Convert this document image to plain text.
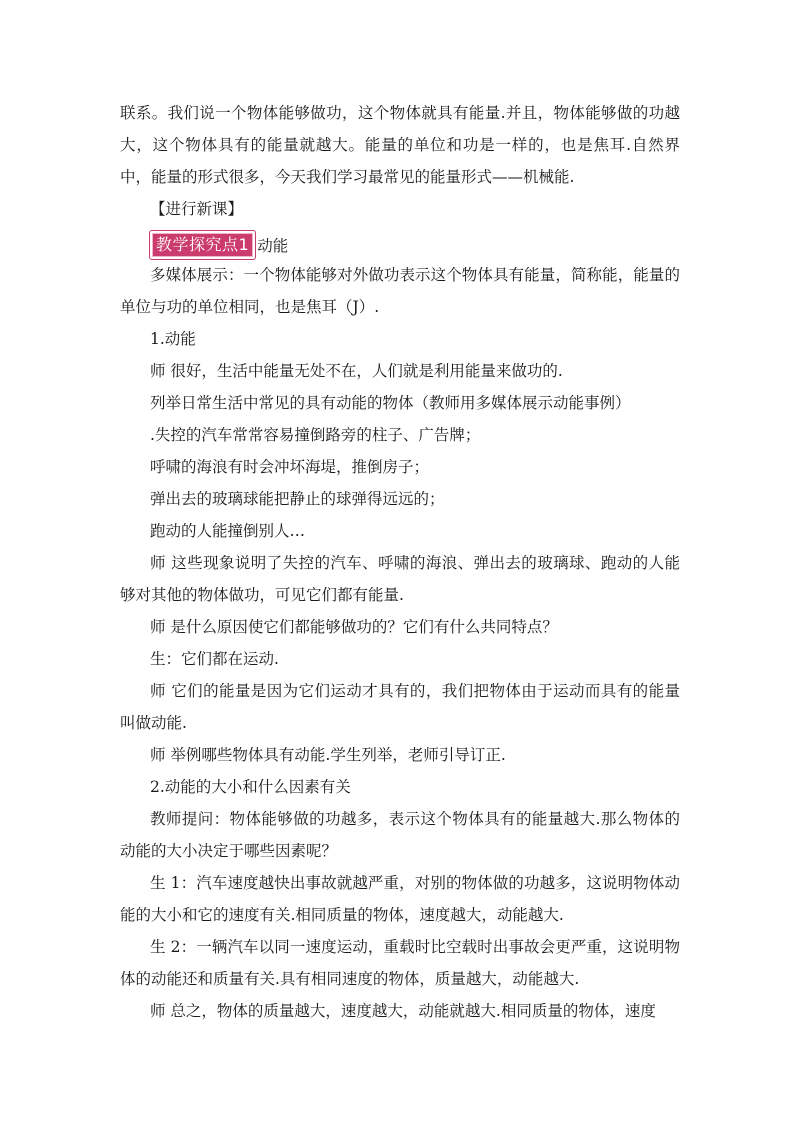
联系。我们说一个物体能够做功，这个物体就具有能量.并且，物体能够做的功越大，这个物体具有的能量就越大。能量的单位和功是一样的，也是焦耳.自然界中，能量的形式很多，今天我们学习最常见的能量形式——机械能.

【进行新课】

教学探究点1 动能

多媒体展示：一个物体能够对外做功表示这个物体具有能量，简称能，能量的单位与功的单位相同，也是焦耳（J）.

1.动能

师 很好，生活中能量无处不在，人们就是利用能量来做功的.

列举日常生活中常见的具有动能的物体（教师用多媒体展示动能事例）

.失控的汽车常常容易撞倒路旁的柱子、广告牌；

呼啸的海浪有时会冲坏海堤，推倒房子；

弹出去的玻璃球能把静止的球弹得远远的；

跑动的人能撞倒别人…

师 这些现象说明了失控的汽车、呼啸的海浪、弹出去的玻璃球、跑动的人能够对其他的物体做功，可见它们都有能量.

师 是什么原因使它们都能够做功的？它们有什么共同特点？

生：它们都在运动.

师 它们的能量是因为它们运动才具有的，我们把物体由于运动而具有的能量叫做动能.

师 举例哪些物体具有动能.学生列举，老师引导订正.

2.动能的大小和什么因素有关

教师提问：物体能够做的功越多，表示这个物体具有的能量越大.那么物体的动能的大小决定于哪些因素呢？

生 1：汽车速度越快出事故就越严重，对别的物体做的功越多，这说明物体动能的大小和它的速度有关.相同质量的物体，速度越大，动能越大.

生 2：一辆汽车以同一速度运动，重载时比空载时出事故会更严重，这说明物体的动能还和质量有关.具有相同速度的物体，质量越大，动能越大.

师 总之，物体的质量越大，速度越大，动能就越大.相同质量的物体，速度
